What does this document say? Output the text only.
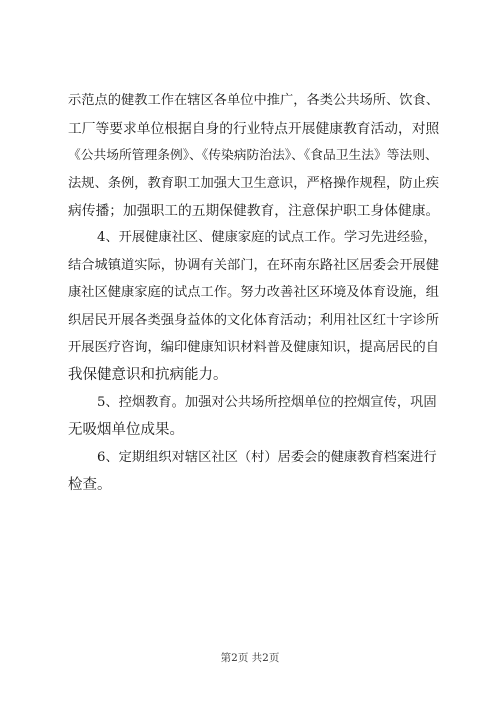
示范点的健教工作在辖区各单位中推广，各类公共场所、饮食、
工厂等要求单位根据自身的行业特点开展健康教育活动，对照
《公共场所管理条例》、《传染病防治法》、《食品卫生法》等法则、
法规、条例，教育职工加强大卫生意识，严格操作规程，防止疾
病传播；加强职工的五期保健教育，注意保护职工身体健康。
4、开展健康社区、健康家庭的试点工作。学习先进经验，
结合城镇道实际，协调有关部门，在环南东路社区居委会开展健
康社区健康家庭的试点工作。努力改善社区环境及体育设施，组
织居民开展各类强身益体的文化体育活动；利用社区红十字诊所
开展医疗咨询，编印健康知识材料普及健康知识，提高居民的自
我保健意识和抗病能力。
5、控烟教育。加强对公共场所控烟单位的控烟宣传，巩固
无吸烟单位成果。
6、定期组织对辖区社区（村）居委会的健康教育档案进行
检查。
第2页 共2页
